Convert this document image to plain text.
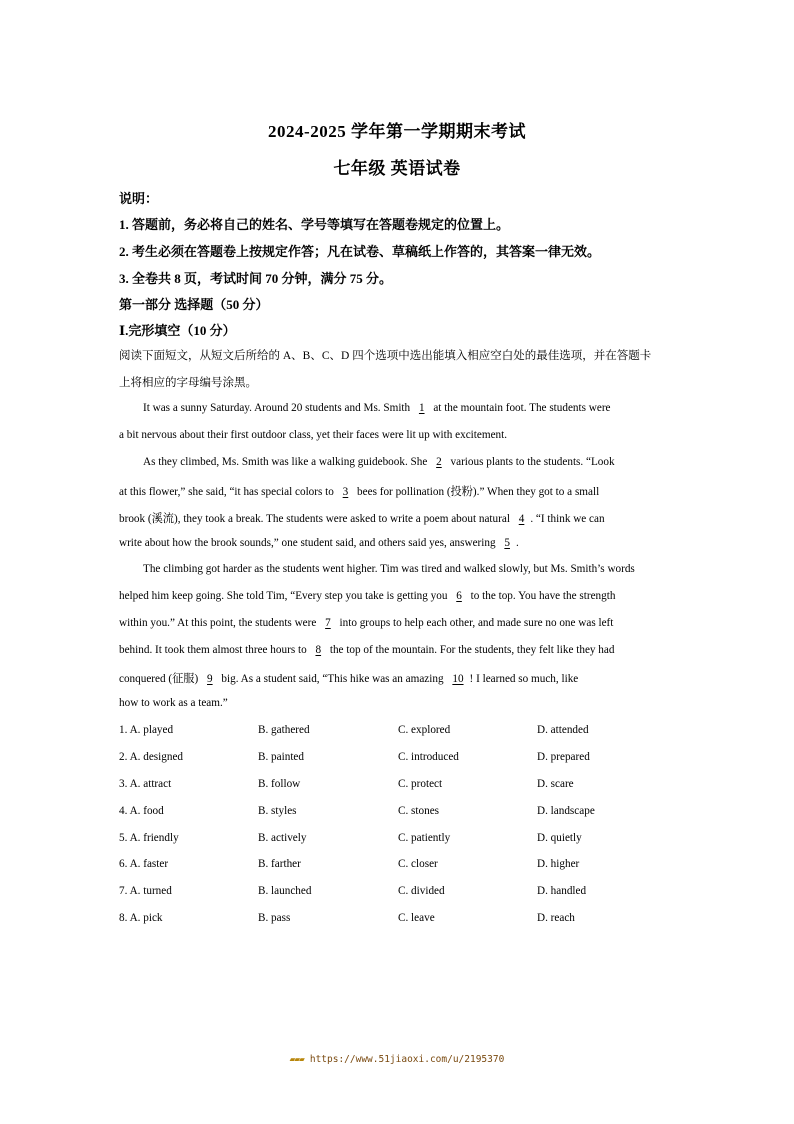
2024-2025 学年第一学期期末考试
七年级 英语试卷
说明：
1. 答题前，务必将自己的姓名、学号等填写在答题卷规定的位置上。
2. 考生必须在答题卷上按规定作答；凡在试卷、草稿纸上作答的，其答案一律无效。
3. 全卷共 8 页，考试时间 70 分钟，满分 75 分。
第一部分 选择题（50 分）
Ⅰ.完形填空（10 分）
阅读下面短文，从短文后所给的 A、B、C、D 四个选项中选出能填入相应空白处的最佳选项，并在答题卡
上将相应的字母编号涂黑。
It was a sunny Saturday. Around 20 students and Ms. Smith 1 at the mountain foot. The students were
a bit nervous about their first outdoor class, yet their faces were lit up with excitement.
As they climbed, Ms. Smith was like a walking guidebook. She 2 various plants to the students. “Look
at this flower,” she said, “it has special colors to 3 bees for pollination (投粉).” When they got to a small
brook (溪流), they took a break. The students were asked to write a poem about natural 4 . “I think we can
write about how the brook sounds,” one student said, and others said yes, answering 5 .
The climbing got harder as the students went higher. Tim was tired and walked slowly, but Ms. Smith’s words
helped him keep going. She told Tim, “Every step you take is getting you 6 to the top. You have the strength
within you.” At this point, the students were 7 into groups to help each other, and made sure no one was left
behind. It took them almost three hours to 8 the top of the mountain. For the students, they felt like they had
conquered (征服) 9 big. As a student said, “This hike was an amazing 10 ! I learned so much, like
how to work as a team.”
1. A. played	B. gathered	C. explored	D. attended
2. A. designed	B. painted	C. introduced	D. prepared
3. A. attract	B. follow	C. protect	D. scare
4. A. food	B. styles	C. stones	D. landscape
5. A. friendly	B. actively	C. patiently	D. quietly
6. A. faster	B. farther	C. closer	D. higher
7. A. turned	B. launched	C. divided	D. handled
8. A. pick	B. pass	C. leave	D. reach
▰▰▰ https://www.51jiaoxi.com/u/2195370
